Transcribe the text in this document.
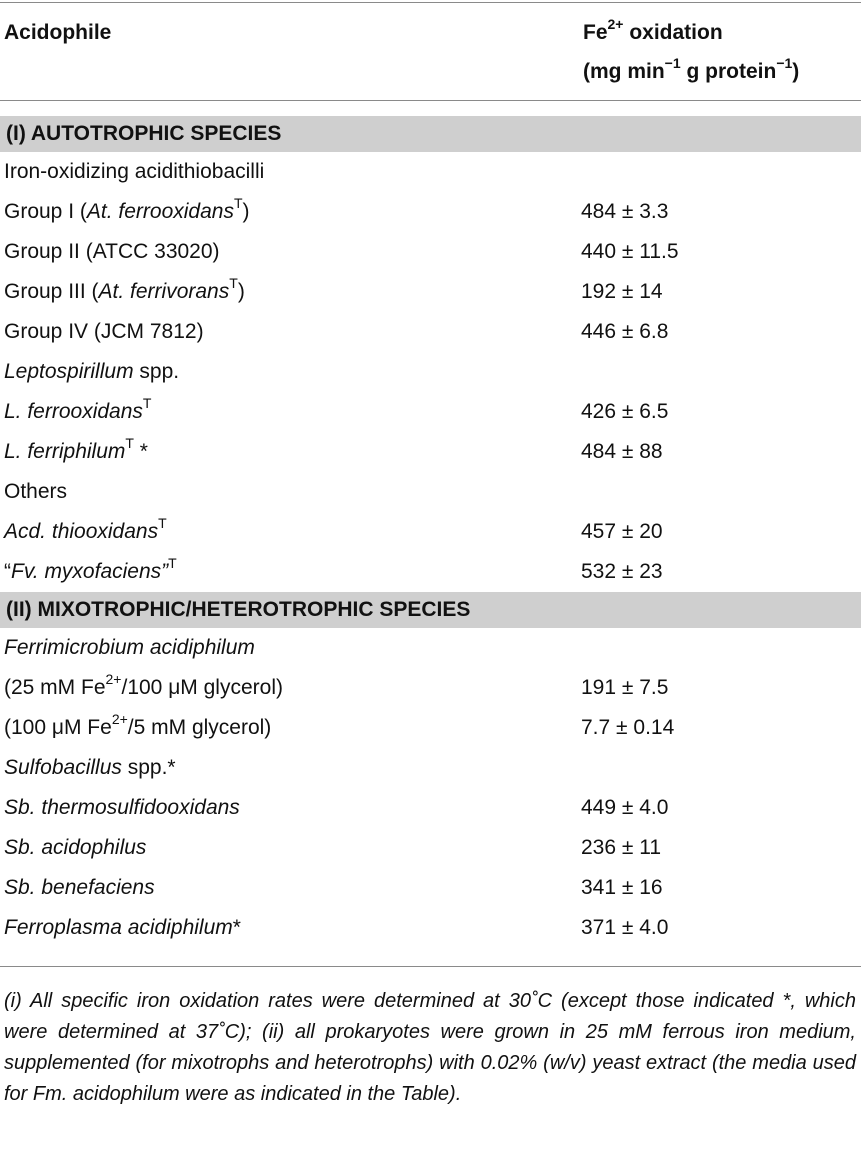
Acidophile	$Fe^{2+}$ oxidation
(mg $\min^{-1} g$ protein$^{-1}$)
(I) AUTOTROPHIC SPECIES
Iron-oxidizing acidithiobacilli
Group I (At. ferrooxidans$^T$)	484 ± 3.3
Group II (ATCC 33020)	440 ± 11.5
Group III (At. ferrivorans$^T$)	192 ± 14
Group IV (JCM 7812)	446 ± 6.8
Leptospirillum spp.
L. ferrooxidans$^T$	426 ± 6.5
L. ferriphilum$^T$ *	484 ± 88
Others
Acd. thiooxidans$^T$	457 ± 20
“Fv. myxofaciens”$^T$	532 ± 23
(II) MIXOTROPHIC/HETEROTROPHIC SPECIES
Ferrimicrobium acidiphilum
(25 mM $Fe^{2+}/100$ μM glycerol)	191 ± 7.5
(100 μM $Fe^{2+}/5$ mM glycerol)	7.7 ± 0.14
Sulfobacillus spp.*
Sb. thermosulfidooxidans	449 ± 4.0
Sb. acidophilus	236 ± 11
Sb. benefaciens	341 ± 16
Ferroplasma acidiphilum*	371 ± 4.0
(i) All specific iron oxidation rates were determined at 30˚C (except those indicated *, which were determined at 37˚C); (ii) all prokaryotes were grown in 25 mM ferrous iron medium, supplemented (for mixotrophs and heterotrophs) with 0.02% (w/v) yeast extract (the media used for Fm. acidophilum were as indicated in the Table).
